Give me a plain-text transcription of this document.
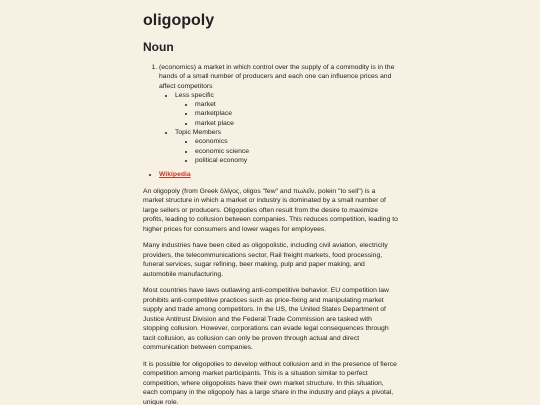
oligopoly
Noun
1. (economics) a market in which control over the supply of a commodity is in the hands of a small number of producers and each one can influence prices and affect competitors
• Less specific
• market
• marketplace
• market place
• Topic Members
• economics
• economic science
• political economy
• Wikipedia

An oligopoly (from Greek ὀλίγος, oligos "few" and πωλεῖν, polein "to sell") is a market structure in which a market or industry is dominated by a small number of large sellers or producers. Oligopolies often result from the desire to maximize profits, leading to collusion between companies. This reduces competition, leading to higher prices for consumers and lower wages for employees.

Many industries have been cited as oligopolistic, including civil aviation, electricity providers, the telecommunications sector, Rail freight markets, food processing, funeral services, sugar refining, beer making, pulp and paper making, and automobile manufacturing.

Most countries have laws outlawing anti-competitive behavior. EU competition law prohibits anti-competitive practices such as price-fixing and manipulating market supply and trade among competitors. In the US, the United States Department of Justice Antitrust Division and the Federal Trade Commission are tasked with stopping collusion. However, corporations can evade legal consequences through tacit collusion, as collusion can only be proven through actual and direct communication between companies.

It is possible for oligopolies to develop without collusion and in the presence of fierce competition among market participants. This is a situation similar to perfect competition, where oligopolists have their own market structure. In this situation, each company in the oligopoly has a large share in the industry and plays a pivotal, unique role.
